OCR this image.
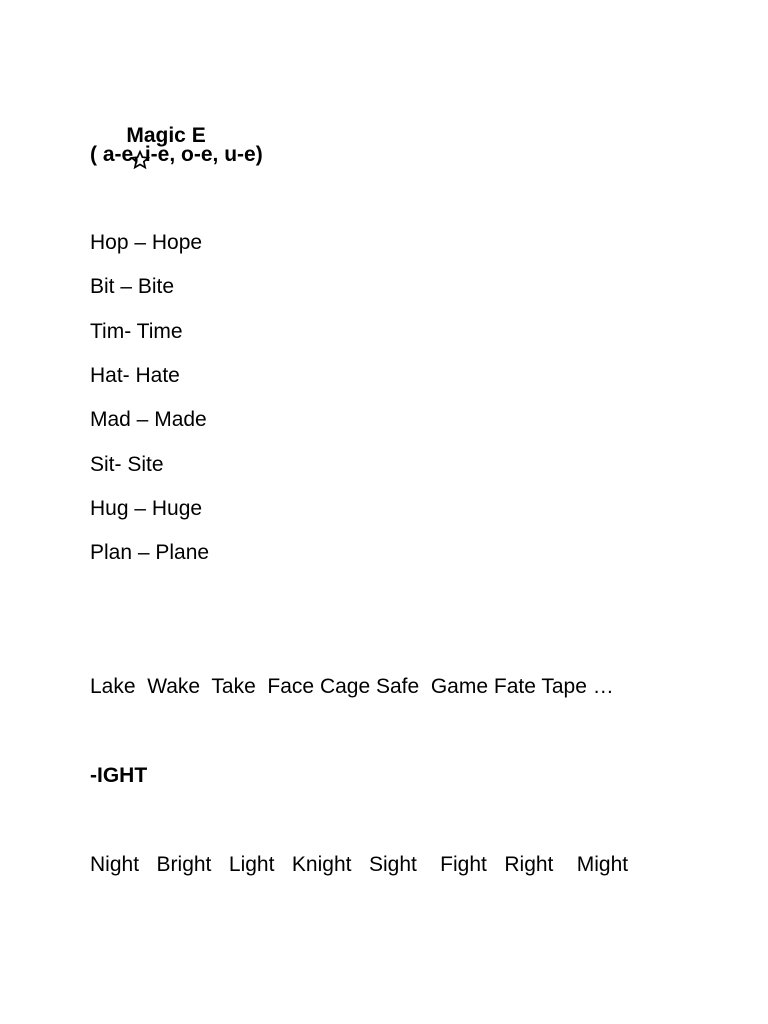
Magic E

( a-e, i-e, o-e, u-e)

Hop – Hope

Bit – Bite

Tim- Time

Hat- Hate

Mad – Made

Sit- Site

Hug – Huge

Plan – Plane

Lake  Wake  Take  Face Cage Safe  Game Fate Tape …
-IGHT
Night   Bright   Light   Knight   Sight    Fight   Right    Might
